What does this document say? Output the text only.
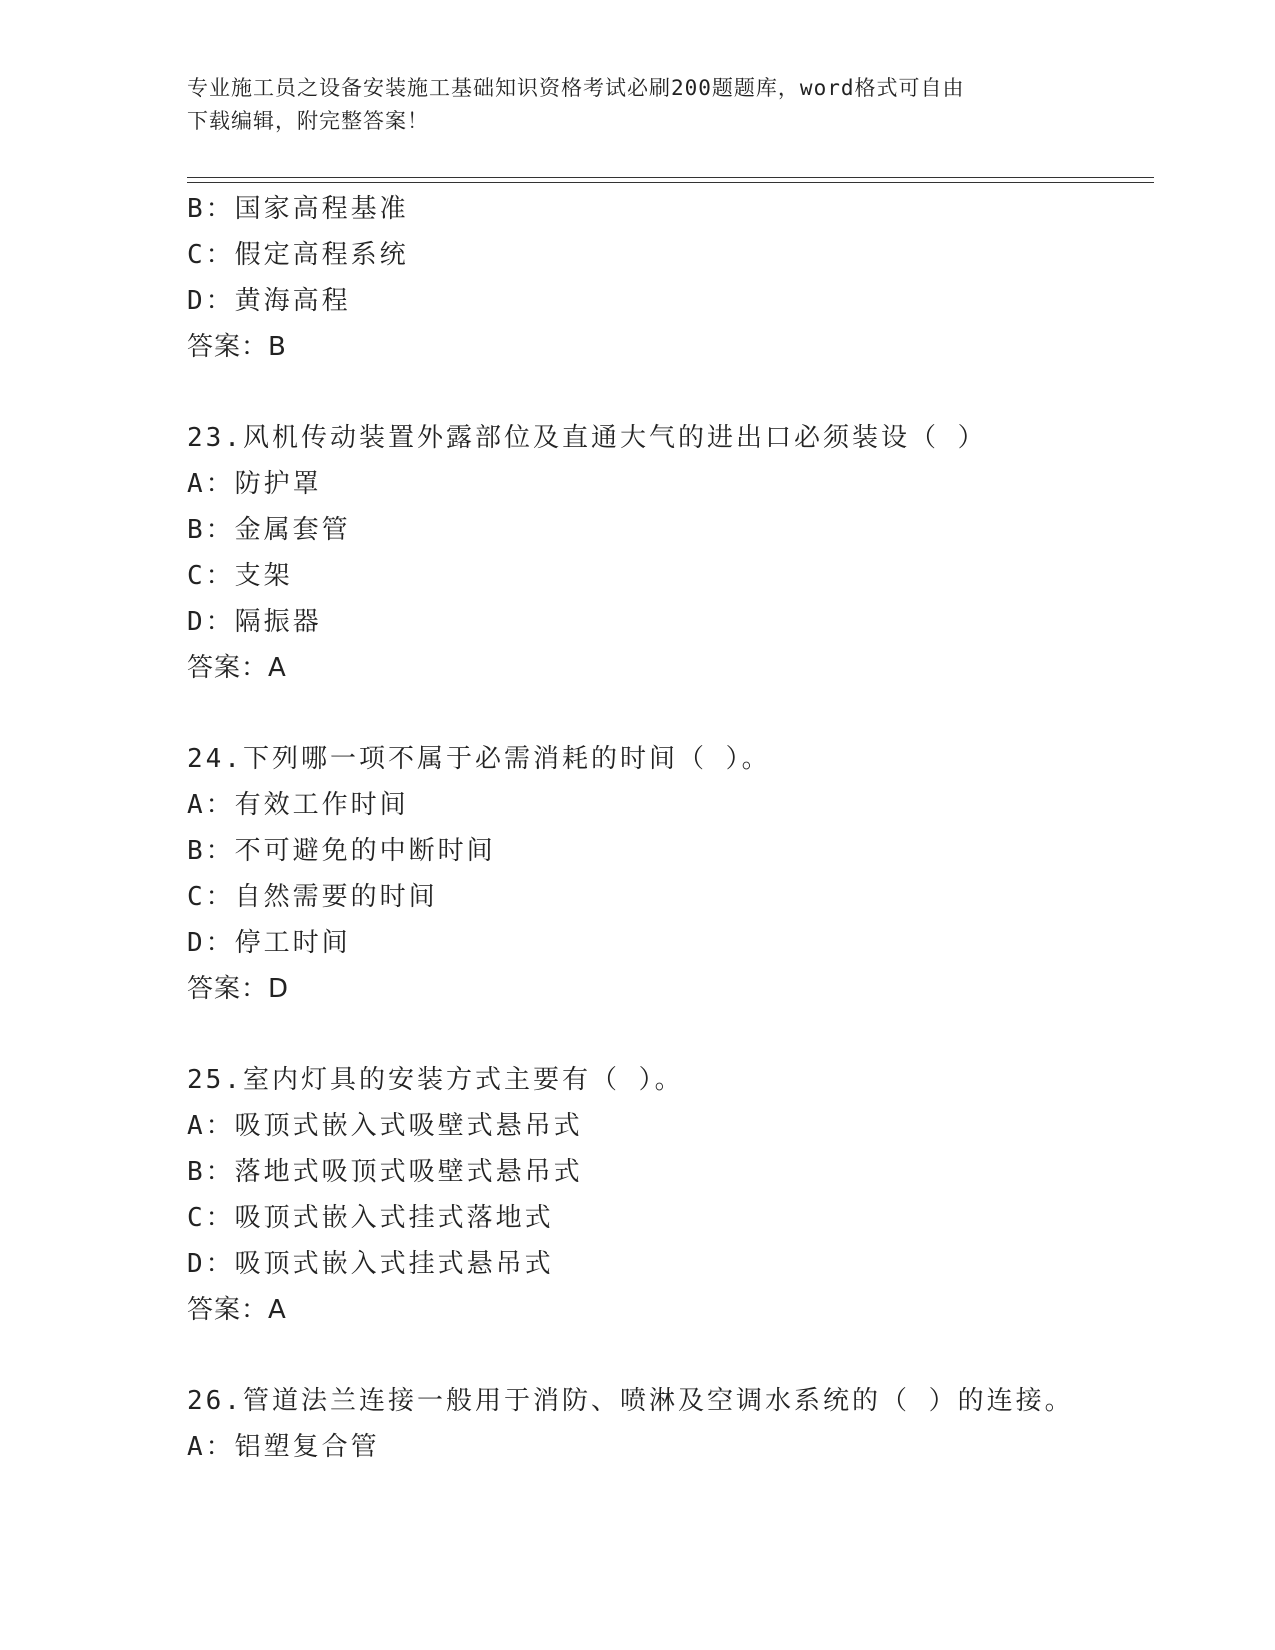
专业施工员之设备安装施工基础知识资格考试必刷200题题库，word格式可自由
下载编辑，附完整答案！
B：国家高程基准
C：假定高程系统
D：黄海高程
答案：B
23.风机传动装置外露部位及直通大气的进出口必须装设（ ）
A：防护罩
B：金属套管
C：支架
D：隔振器
答案：A
24.下列哪一项不属于必需消耗的时间（ ）。
A：有效工作时间
B：不可避免的中断时间
C：自然需要的时间
D：停工时间
答案：D
25.室内灯具的安装方式主要有（ ）。
A：吸顶式嵌入式吸壁式悬吊式
B：落地式吸顶式吸壁式悬吊式
C：吸顶式嵌入式挂式落地式
D：吸顶式嵌入式挂式悬吊式
答案：A
26.管道法兰连接一般用于消防、喷淋及空调水系统的（ ）的连接。
A：铝塑复合管
